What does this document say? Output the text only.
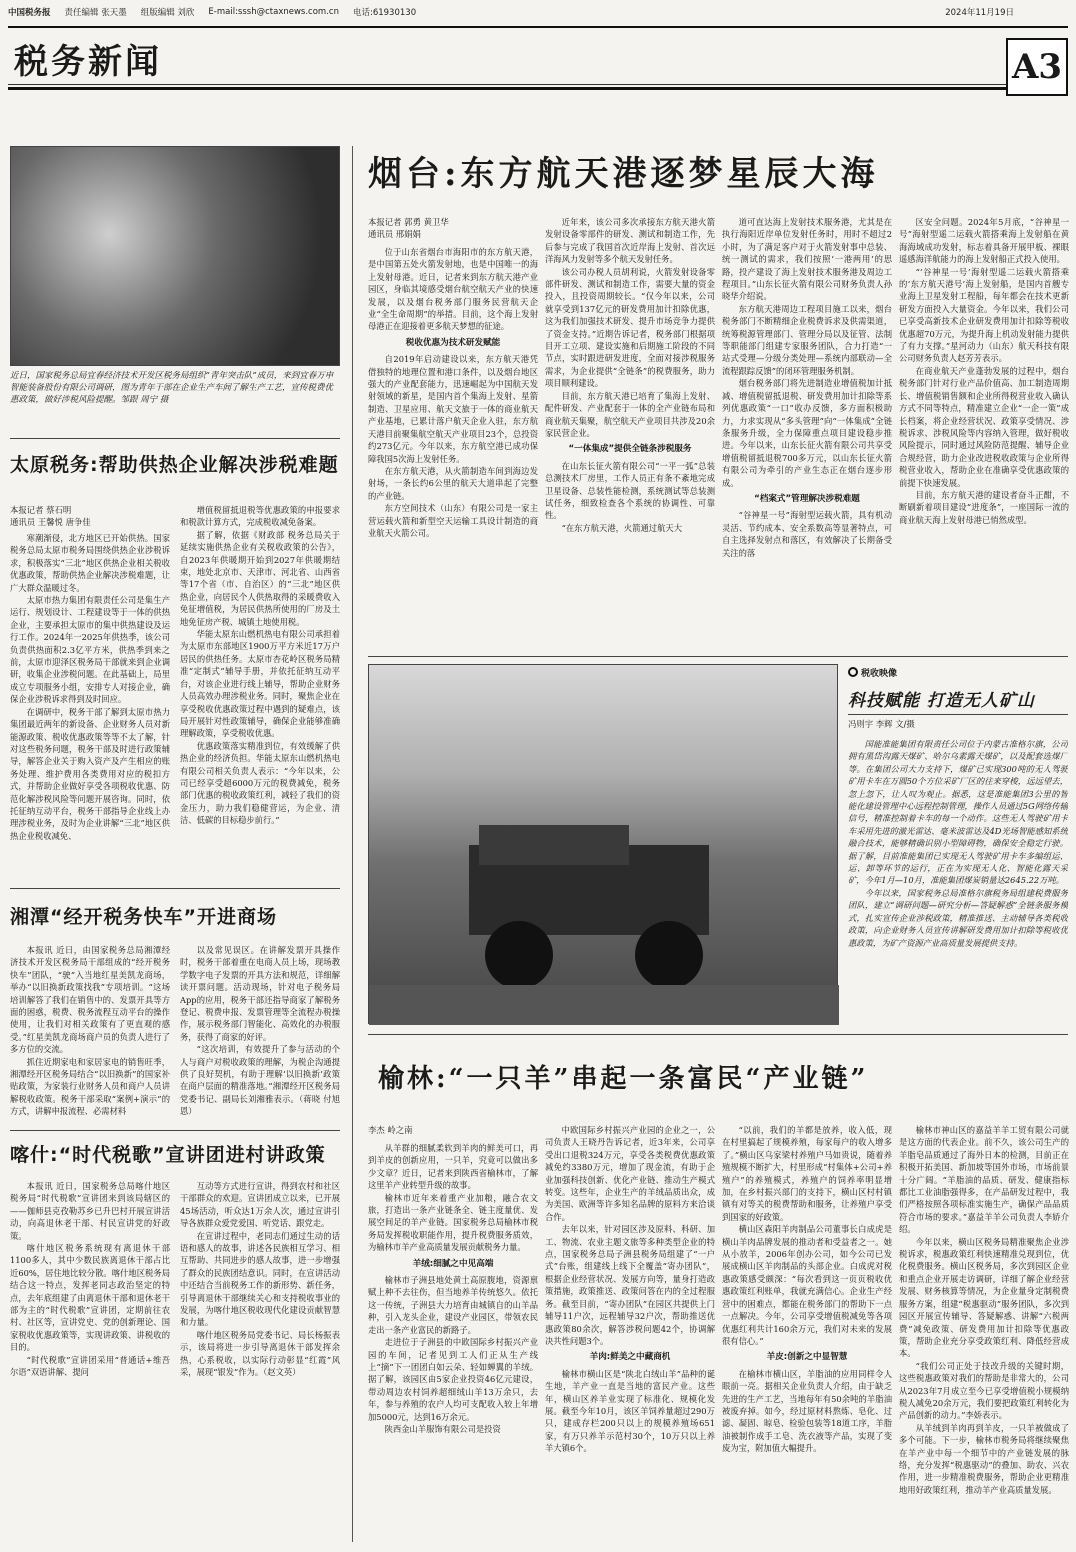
中国税务报 责任编辑 张天墨 组版编辑 刘欣 E-mail:sssh@ctaxnews.com.cn 电话:61930130	2024年11月19日
税务新闻	A3
近日，国家税务总局宜春经济技术开发区税务局组织“青年突击队”成员，来到宜春万申智能装备股份有限公司调研，图为青年干部在企业生产车间了解生产工艺，宣传税费优惠政策，做好涉税风险提醒。邹跟 周宁 摄
太原税务:帮助供热企业解决涉税难题
本报记者 蔡石明
通讯员 王馨悦 唐争佳

寒潮渐侵，北方地区已开始供热。国家税务总局太原市税务局围绕供热企业涉税诉求，积极落实“三北”地区供热企业相关税收优惠政策，帮助供热企业解决涉税难题，让广大群众温暖过冬。

太原市热力集团有限责任公司是集生产运行、规划设计、工程建设等于一体的供热企业，主要承担太原市的集中供热建设及运行工作。2024年一2025年供热季，该公司负责供热面积2.3亿平方米，供热季到来之前，太原市迎泽区税务局干部就来到企业调研，收集企业涉税问题。在此基础上，局里成立专项服务小组，安排专人对接企业，确保企业涉税诉求得到及时回应。

在调研中，税务干部了解到太原市热力集团最近两年的新设备、企业财务人员对新能源政策、税收优惠政策等等不太了解，针对这些税务问题，税务干部及时进行政策辅导，解答企业关于购入资产及产生相应的账务处理、维护费用各类费用对应的税扣方式，并帮助企业做好享受各项税收优惠、防范化解涉税风险等问题开展咨询。同时，依托征纳互动平台，税务干部指导企业线上办理涉税业务，及时为企业讲解“三北”地区供热企业税收减免、

增值税留抵退税等优惠政策的申报要求和税款计算方式，完成税收减免备案。

据了解，依据《财政部 税务总局关于延续实施供热企业有关税收政策的公告》，自2023年供暖期开始到2027年供暖期结束，地处北京市、天津市、河北省、山西省等17个省（市、自治区）的“三北”地区供热企业，向居民个人供热取得的采暖费收入免征增值税，为居民供热所使用的厂房及土地免征房产税、城镇土地使用税。

华能太原东山燃机热电有限公司承担着为太原市东部地区1900万平方米近17万户居民的供热任务。太原市杏花岭区税务局精准“定制式”辅导手册，并依托征纳互动平台，对该企业进行线上辅导，帮助企业财务人员高效办理涉税业务。同时，聚焦企业在享受税收优惠政策过程中遇到的疑难点，该局开展针对性政策辅导，确保企业能够准确理解政策，享受税收优惠。

优惠政策落实精准到位，有效缓解了供热企业的经济负担。华能太原东山燃机热电有限公司相关负责人表示：“今年以来，公司已经享受超6000万元的税费减免，税务部门优惠的税收政策红利，减轻了我们的资金压力，助力我们稳健营运，为企业、清洁、低碳的目标稳步前行。”

湘潭“经开税务快车”开进商场

本报讯 近日，由国家税务总局湘潭经济技术开发区税务局干部组成的“经开税务快车”团队，“驶”入当地红星美凯龙商场，举办“以旧换新政策找我”专项培训。“这场培训解答了我们在销售中的、发票开具等方面的困惑，税费、税务流程互动平台的操作使用，让我们对相关政策有了更直观的感受。”红星美凯龙商场商户员的负责人进行了多方位的交流。

抓住近期家电和家居家电的销售旺季，湘潭经开区税务局结合“以旧换新”的国家补贴政策，为家装行业财务人员和商户人员讲解税收政策。税务干部采取“案例+演示”的方式，讲解申报流程、必需材料

以及常见误区。在讲解发票开具操作时，税务干部着重在电商人员上场，现场教学数字电子发票的开具方法和规范，详细解读开票问题。活动现场，针对电子税务局App的应用，税务干部还指导商家了解税务登记、税费申报、发票管理等全流程办税操作，展示税务部门智能化、高效化的办税服务，获得了商家的好评。

“这次培训，有效提升了参与活动的个人与商户对税收政策的理解，为税企沟通提供了良好契机，有助于理解‘以旧换新’政策在商户层面的精准落地。”湘潭经开区税务局党委书记、副局长刘湘雅表示。（蒋晓 付旭恩）

喀什:“时代税歌”宣讲团进村讲政策

本报讯 近日，国家税务总局喀什地区税务局“时代税歌”宣讲团来到该局辖区的——伽师县克孜勒苏乡已升巴村开展宣讲活动，向高退休老干部、村民宣讲党的好政策。

喀什地区税务系统现有离退休干部1100多人，其中少数民族离退休干部占比近60%，居住地比较分散。喀什地区税务局结合这一特点，发挥老同志政治坚定的特点，去年底组建了由离退休干部和退休老干部为主的“时代税歌”宣讲团，定期前往农村、社区等，宣讲党史、党的创新理论、国家税收优惠政策等，实现讲政策、讲税收的目的。

“时代税歌”宣讲团采用“普通话+维吾尔语”双语讲解、提问

互动等方式进行宣讲，得到农村和社区干部群众的欢迎。宣讲团成立以来，已开展45场活动，听众达1万余人次，通过宣讲引导各族群众爱党爱国、听党话、跟党走。

在宣讲过程中，老同志们通过生动的话语和感人的故事，讲述各民族相互学习、相互帮助、共同进步的感人故事，进一步增强了群众的民族团结意识。同时，在宣讲活动中还结合当前税务工作的新形势、新任务，引导离退休干部继续关心和支持税收事业的发展，为喀什地区税收现代化建设贡献智慧和力量。

喀什地区税务局党委书记、局长杨振表示，该局将进一步引导离退休干部发挥余热，心系税收，以实际行动彰显“红霞”风采，展现“银发”作为。（赵文英）

烟台:东方航天港逐梦星辰大海
本报记者 郭勇 黄卫华
通讯员 邢娟娟

位于山东省烟台市海阳市的东方航天港，是中国第五处火箭发射地，也是中国唯一的海上发射母港。近日，记者来到东方航天港产业园区，身临其境感受烟台航空航天产业的快速发展，以及烟台税务部门服务民营航天企业“全生命周期”的举措。目前，这个海上发射母港正在迎接着更多航天梦想的征途。

税收优惠为技术研发赋能

自2019年启动建设以来，东方航天港凭借独特的地理位置和港口条件，以及烟台地区强大的产业配套能力，迅速崛起为中国航天发射领域的新星，是国内首个集海上发射、星箭制造、卫星应用、航天文旅于一体的商业航天产业基地，已累计落户航天企业入驻，东方航天港目前聚集航空航天产业项目23个，总投资约273亿元。今年以来，东方航空港已成功保障我国5次海上发射任务。

在东方航天港，从火箭制造车间到海边发射场，一条长约6公里的航天大道串起了完整的产业链。

东方空间技术（山东）有限公司是一家主营运载火箭和新型空天运输工具设计制造的商业航天火箭公司。

近年来，该公司多次承接东方航天港火箭发射设备零部件的研发、测试和制造工作，先后参与完成了我国首次近岸海上发射、首次远洋海风力发射等多个航天发射任务。

该公司办税人员胡利说，火箭发射设备零部件研发、测试和制造工作，需要大量的资金投入，且投资周期较长。“仅今年以来，公司就享受到137亿元的研发费用加计扣除优惠，这为我们加强技术研发、提升市场竞争力提供了资金支持。”近期告诉记者，税务部门根据项目开工立项、建设实施和后期施工阶段的不同节点，实时跟进研发进度，全面对接涉税服务需求，为企业提供“全链条”的税费服务，助力项目顺利建设。

目前，东方航天港已培育了集海上发射、配件研发、产业配套于一体的全产业链布局和商业航天集聚，航空航天产业项目共涉及20余家民营企业。

“一体集成”提供全链条涉税服务

在山东长征火箭有限公司“一平一弧”总装总测技术厂房里，工作人员正有条不紊地完成卫星设备、总装性能检测，系统测试等总装测试任务，细致检查各个系统的协调性、可靠性。

“在东方航天港，火箭通过航天大

道可直达海上发射技术服务港，尤其是在执行海阳近岸单位发射任务时，用时不超过2小时，为了满足客户对于火箭发射事中总装、统一测试的需求，我们按照‘一港两用’的思路，投产建设了海上发射技术服务港及周边工程项目。”山东长征火箭有限公司财务负责人孙晓华介绍说。

东方航天港周边工程项目施工以来，烟台税务部门不断精细企业税费诉求及供需渠道，统筹税源管理部门、管理分局以及征管、法制等职能部门组建专家服务团队，合力打造“一站式受理—分级分类处理—系统内部联动—全流程跟踪反馈”的闭环管理服务机制。

烟台税务部门将先进制造业增值税加计抵减、增值税留抵退税、研发费用加计扣除等系列优惠政策“一口”收办反馈，多方面积极助力，力求实现从“多头管理”向“一体集成”全链条服务升级，全力保障重点项目建设稳步推进。今年以来，山东长征火箭有限公司共享受增值税留抵退税700多万元，以山东长征火箭有限公司为牵引的产业生态正在烟台逐步形成。

“档案式”管理解决涉税难题

“谷神星一号”海射型运载火箭，具有机动灵活、节约成本、安全系数高等显著特点，可自主选择发射点和落区，有效解决了长期备受关注的落

区安全问题。2024年5月底，“谷神星一号”海射型遥二运载火箭搭乘海上发射船在黄海海域成功发射，标志着具备开展甲板、裸眼遥感海洋航能力的海上发射船正式投入使用。

“‘谷神星一号’海射型遥二运载火箭搭乘的‘东方航天港号’海上发射船，是国内首艘专业海上卫星发射工程船，每年都会在技术更新研发方面投入大量资金。今年以来，我们公司已享受高新技术企业研发费用加计扣除等税收优惠超70万元，为提升海上机动发射能力提供了有力支撑。”星河动力（山东）航天科技有限公司财务负责人赵芳芳表示。

在商业航天产业蓬勃发展的过程中，烟台税务部门针对行业产品价值高、加工制造周期长、增值税销售额和企业所得税营业收入确认方式不同等特点，精准建立企业“一企一策”成长档案，将企业经营状况、政策享受情况、涉税诉求、涉税风险等内容纳入管理，做好税收风险提示，同时通过风险防范提醒、辅导企业合规经营，助力企业改进税收政策与企业所得税营业收入，帮助企业在准确享受优惠政策的前提下快速发展。

目前，东方航天港的建设者奋斗正酣，不断刷新着项目建设“进度条”，一座国际一流的商业航天海上发射母港已悄然成型。

税收映像
科技赋能 打造无人矿山
冯则宇 李辉 文/摄

国能准能集团有限责任公司位于内蒙古准格尔旗，公司拥有黑岱沟露天煤矿、哈尔乌素露天煤矿，以及配套选煤厂等。在集团公司大力支持下，煤矿已实现300吨的无人驾驶矿用卡车在万圆50个方位采矿厂区的往来穿梭，远远望去，忽上忽下，让人叹为观止。据悉，这是准能集团3公里的智能化建设管理中心远程控制管理，操作人员通过5G网络传输信号，精准控制着卡车的每一个动作。这些无人驾驶矿用卡车采用先进的激光雷达、毫米波雷达及4D光场智能感知系统融合技术，能够精确识别小型障碍物，确保安全稳定行驶。据了解，目前准能集团已实现无人驾驶矿用卡车多编组运、运、卸等环节的运行，正在为实现无人化、智能化露天采矿，今年1月—10月，准能集团煤炭销量达2645.22万吨。

今年以来，国家税务总局准格尔旗税务局组建税费服务团队，建立“调研问题—研究分析—答疑解惑”全链条服务模式，扎实宣传企业涉税政策，精准推送、主动辅导各类税收政策，向企业财务人员宣传讲解研发费用加计扣除等税收优惠政策，为矿产资源产业高质量发展提供支持。

榆林:“一只羊”串起一条富民“产业链”
李杰 岭之南

从羊群的细腻柔软到羊肉的鲜美可口，再到羊皮的创新应用，一只羊，究竟可以做出多少文章？近日，记者来到陕西省榆林市，了解这里羊产业转型升级的故事。

榆林市近年来着重产业加粮，融合农文旅，打造出一条产业链条全、链主度量优、发展空间足的羊产业链。国家税务总局榆林市税务局发挥税收职能作用，提升税费服务质效，为榆林市羊产业高质量发展贡献税务力量。

羊绒:细腻之中见高端

榆林市子洲县地处黄土高原腹地，资源禀赋上种不去往伤，但当地养羊传统悠久。依托这一传统，子洲县大力培育由城镇自的山羊品种，引入龙头企业，建设产业园区，带领农民走出一条产业富民的新路子。

走进位于子洲县的中欧国际乡村振兴产业园的车间，记者见到工人们正从生产线上“摘”下一团团白如云朵、轻如蝉翼的羊绒。据了解，该园区由5家企业投资46亿元建设，带动周边农村饲养超细绒山羊13万余只，去年，参与养殖的农户人均可支配收入较上年增加5000元，达到16万余元。

陕西金山羊服饰有限公司是投资

中欧国际乡村振兴产业园的企业之一，公司负责人王晓丹告诉记者，近3年来，公司享受出口退税324万元，享受各类税费优惠政策减免约3380万元，增加了现金流，有助于企业加强科技创新、优化产业链、推动生产模式转变。这些年，企业生产的羊绒品质出众，成为美国、欧洲等许多知名品牌的原料方来洽谈合作。

去年以来，针对园区涉及原料、科研、加工、物流、农业主题文旅等多种类型企业的特点，国家税务总局子洲县税务局组建了“一户式”台账，组建线上线下全覆盖“寄办团队”，根据企业经营状况、发展方向等，量身打造政策措施，政策推送、政策问答在内的全过程服务。截至目前，“寄办团队”在园区共提供上门辅导11户次，远程辅导32户次，帮助推送优惠政策80余次，解答涉税问题42个，协调解决共性问题3个。

羊肉:鲜美之中藏商机

榆林市横山区是“陕北白绒山羊”品种的诞生地，羊产业一直是当地的富民产业。这些年，横山区养羊业实现了标准化、规模化发展。截至今年10月，该区羊饲养量超过290万只，建成存栏200只以上的规模养殖场651家，有万只养羊示范村30个，10万只以上养羊大镇6个。

“以前，我们的羊都是放养，收入低，现在村里搞起了规模养殖，每家每户的收入增多了。”横山区乌家梁村养殖户马如贵说，随着养殖规模不断扩大，村里形成“村集体+公司+养殖户”的养殖模式，养殖户的饲养率明显增加，在乡村振兴部门的支持下，横山区村村镇镇有对等关的税费帮助和服务，让养殖户享受到国家的好政策。

横山区森阳羊肉制品公司董事长白成虎是横山羊肉品牌发展的推动者和受益者之一。她从小放羊，2006年创办公司，如今公司已发展成横山区羊肉制品的头部企业。白成虎对税惠政策感受颇深：“每次看到这一页页税收优惠政策红利账单，我就充满信心。企业生产经营中的困难点，都能在税务部门的帮助下一点一点解决。今年，公司享受增值税减免等各项优惠红利共计160余万元，我们对未来的发展很有信心。”

羊皮:创新之中显智慧

在榆林市横山区，羊脂油的应用同样令人眼前一亮。据相关企业负责人介绍，由于缺乏先进的生产工艺，当地每年有50余吨的羊脂油被废弃掉。如今，经过原材料熬炼、皂化、过滤、凝固、晾皂、检验包装等18道工序，羊脂油被制作成手工皂、洗衣液等产品，实现了变废为宝，附加值大幅提升。

榆林市神山区的嘉益羊羊工贸有限公司就是这方面的代表企业。前不久，该公司生产的羊脂皂品质通过了海外日本的检测，目前正在积极开拓美国、新加坡等国外市场，市场前景十分广阔。“羊脂油的品质、研发、健康指标都比工业油脂强得多，在产品研发过程中，我们严格按照各项标准实施生产，确保产品品质符合市场的要求。”嘉益羊羊公司负责人李娇介绍。

今年以来，横山区税务局精准聚焦企业涉税诉求，税惠政策红利快速精准兑现到位，优化税费服务。横山区税务局，多次到园区企业和重点企业开展走访调研，详细了解企业经营发展、财务核算等情况，为企业量身定制税费服务方案，组建“税惠驱动”服务团队，多次到园区开展宣传辅导、答疑解惑、讲解“六税两费”减免政策、研发费用加计扣除等优惠政策，帮助企业充分享受政策红利、降低经营成本。

“我们公司正处于技改升级的关键时期，这些税惠政策对我们的帮助是非常大的，公司从2023年7月成立至今已享受增值税小规模纳税人减免20余万元，我们要把政策红利转化为产品创新的动力。”李娇表示。

从羊绒到羊肉再到羊皮，一只羊被做成了多个可能。下一步，榆林市税务局将继续聚焦在羊产业中每一个细节中的产业链发展的脉络，充分发挥“税惠驱动”的叠加、助农、兴农作用，进一步精准税费服务，帮助企业更精准地用好政策红利，推动羊产业高质量发展。
